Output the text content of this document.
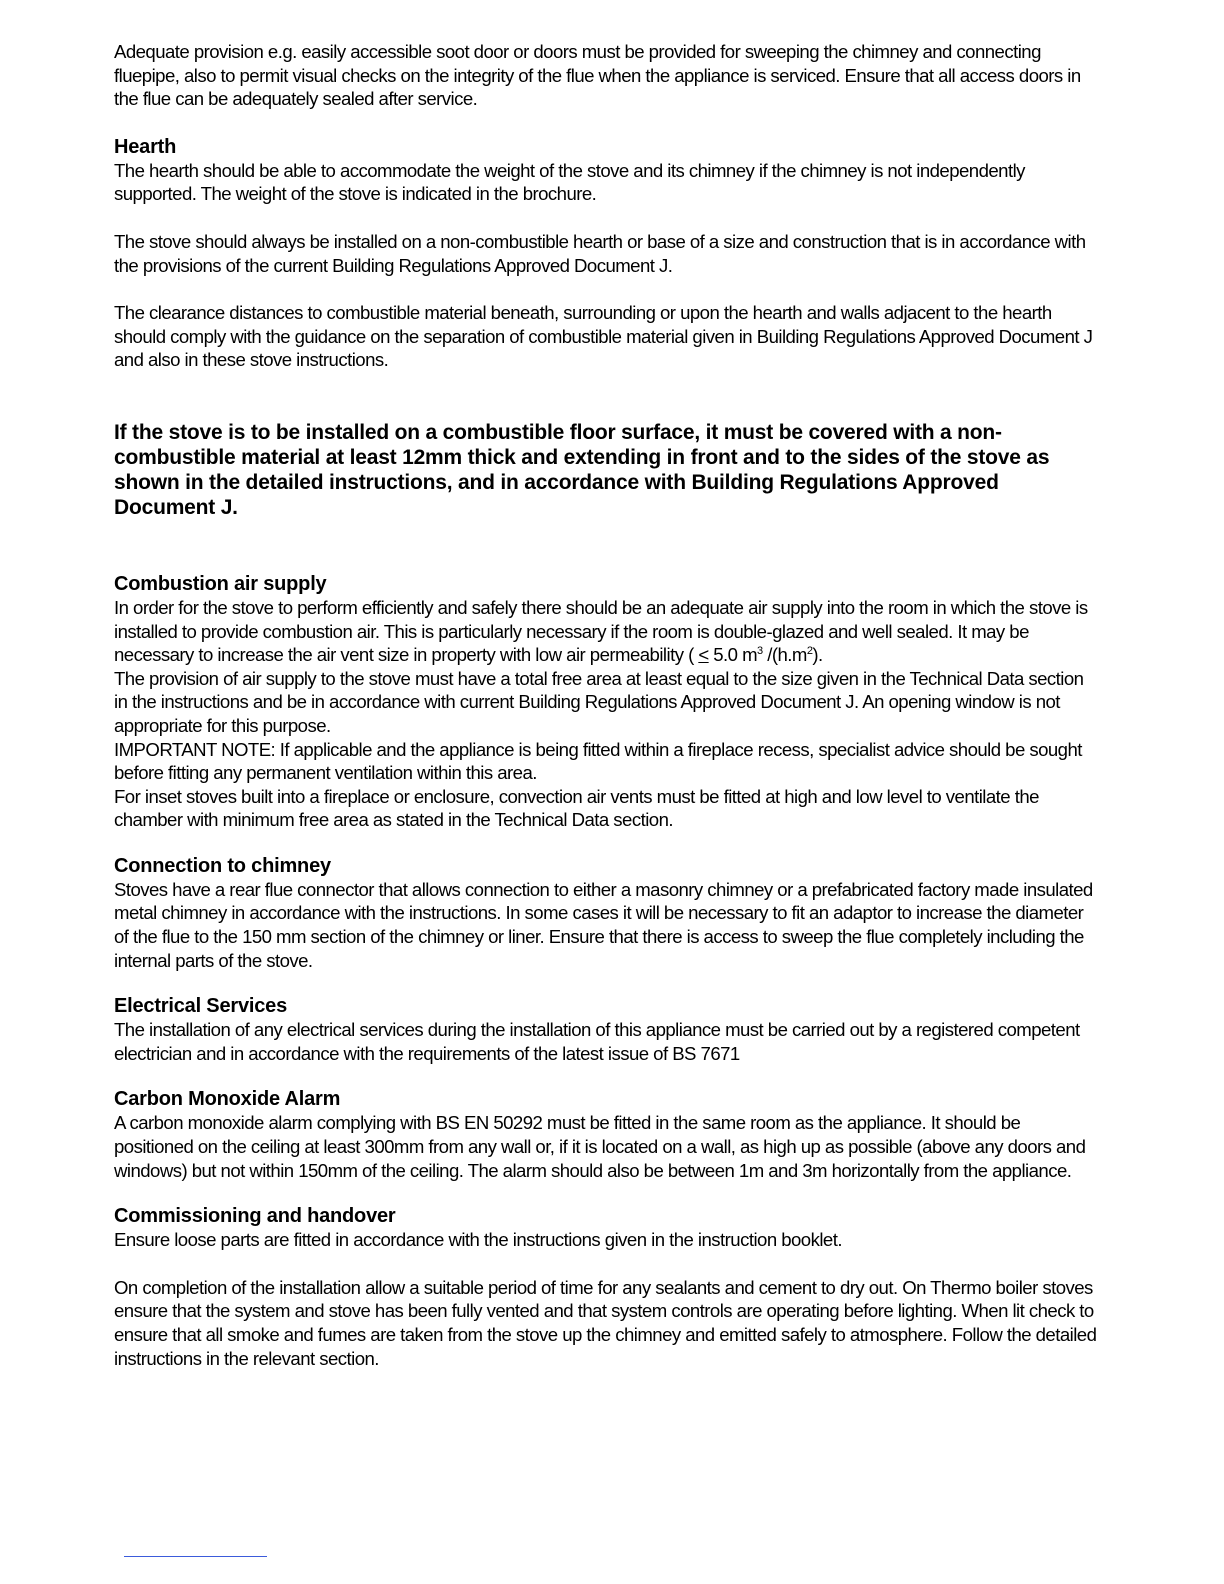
Adequate provision e.g. easily accessible soot door or doors must be provided for sweeping the chimney and connecting fluepipe, also to permit visual checks on the integrity of the flue when the appliance is serviced. Ensure that all access doors in the flue can be adequately sealed after service.

Hearth

The hearth should be able to accommodate the weight of the stove and its chimney if the chimney is not independently supported. The weight of the stove is indicated in the brochure.

The stove should always be installed on a non-combustible hearth or base of a size and construction that is in accordance with the provisions of the current Building Regulations Approved Document J.

The clearance distances to combustible material beneath, surrounding or upon the hearth and walls adjacent to the hearth should comply with the guidance on the separation of combustible material given in Building Regulations Approved Document J and also in these stove instructions.

If the stove is to be installed on a combustible floor surface, it must be covered with a non-combustible material at least 12mm thick and extending in front and to the sides of the stove as shown in the detailed instructions, and in accordance with Building Regulations Approved Document J.

Combustion air supply

In order for the stove to perform efficiently and safely there should be an adequate air supply into the room in which the stove is installed to provide combustion air. This is particularly necessary if the room is double-glazed and well sealed. It may be necessary to increase the air vent size in property with low air permeability ( < 5.0 $m^3$ $/(h.m^2)$.

The provision of air supply to the stove must have a total free area at least equal to the size given in the Technical Data section in the instructions and be in accordance with current Building Regulations Approved Document J. An opening window is not appropriate for this purpose.

IMPORTANT NOTE: If applicable and the appliance is being fitted within a fireplace recess, specialist advice should be sought before fitting any permanent ventilation within this area.

For inset stoves built into a fireplace or enclosure, convection air vents must be fitted at high and low level to ventilate the chamber with minimum free area as stated in the Technical Data section.

Connection to chimney

Stoves have a rear flue connector that allows connection to either a masonry chimney or a prefabricated factory made insulated metal chimney in accordance with the instructions. In some cases it will be necessary to fit an adaptor to increase the diameter of the flue to the 150 mm section of the chimney or liner. Ensure that there is access to sweep the flue completely including the internal parts of the stove.

Electrical Services

The installation of any electrical services during the installation of this appliance must be carried out by a registered competent electrician and in accordance with the requirements of the latest issue of BS 7671

Carbon Monoxide Alarm

A carbon monoxide alarm complying with BS EN 50292 must be fitted in the same room as the appliance. It should be positioned on the ceiling at least 300mm from any wall or, if it is located on a wall, as high up as possible (above any doors and windows) but not within 150mm of the ceiling. The alarm should also be between 1m and 3m horizontally from the appliance.

Commissioning and handover

Ensure loose parts are fitted in accordance with the instructions given in the instruction booklet.

On completion of the installation allow a suitable period of time for any sealants and cement to dry out. On Thermo boiler stoves ensure that the system and stove has been fully vented and that system controls are operating before lighting. When lit check to ensure that all smoke and fumes are taken from the stove up the chimney and emitted safely to atmosphere. Follow the detailed instructions in the relevant section.
